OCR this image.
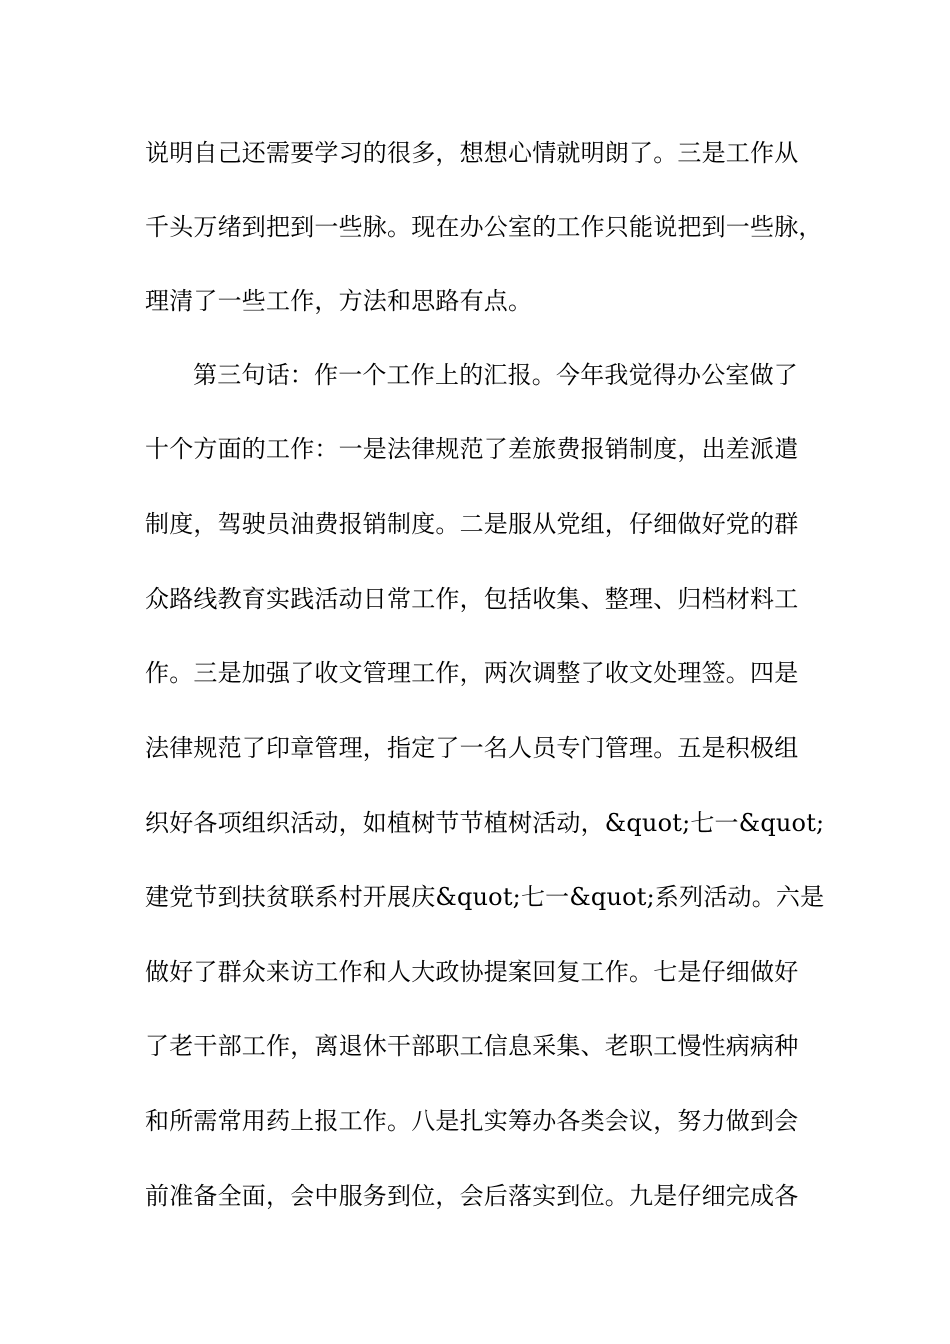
说明自己还需要学习的很多，想想心情就明朗了。三是工作从
千头万绪到把到一些脉。现在办公室的工作只能说把到一些脉，
理清了一些工作，方法和思路有点。
第三句话：作一个工作上的汇报。今年我觉得办公室做了
十个方面的工作：一是法律规范了差旅费报销制度，出差派遣
制度，驾驶员油费报销制度。二是服从党组，仔细做好党的群
众路线教育实践活动日常工作，包括收集、整理、归档材料工
作。三是加强了收文管理工作，两次调整了收文处理签。四是
法律规范了印章管理，指定了一名人员专门管理。五是积极组
织好各项组织活动，如植树节节植树活动，&quot;七一&quot;
建党节到扶贫联系村开展庆&quot;七一&quot;系列活动。六是
做好了群众来访工作和人大政协提案回复工作。七是仔细做好
了老干部工作，离退休干部职工信息采集、老职工慢性病病种
和所需常用药上报工作。八是扎实筹办各类会议，努力做到会
前准备全面，会中服务到位，会后落实到位。九是仔细完成各
